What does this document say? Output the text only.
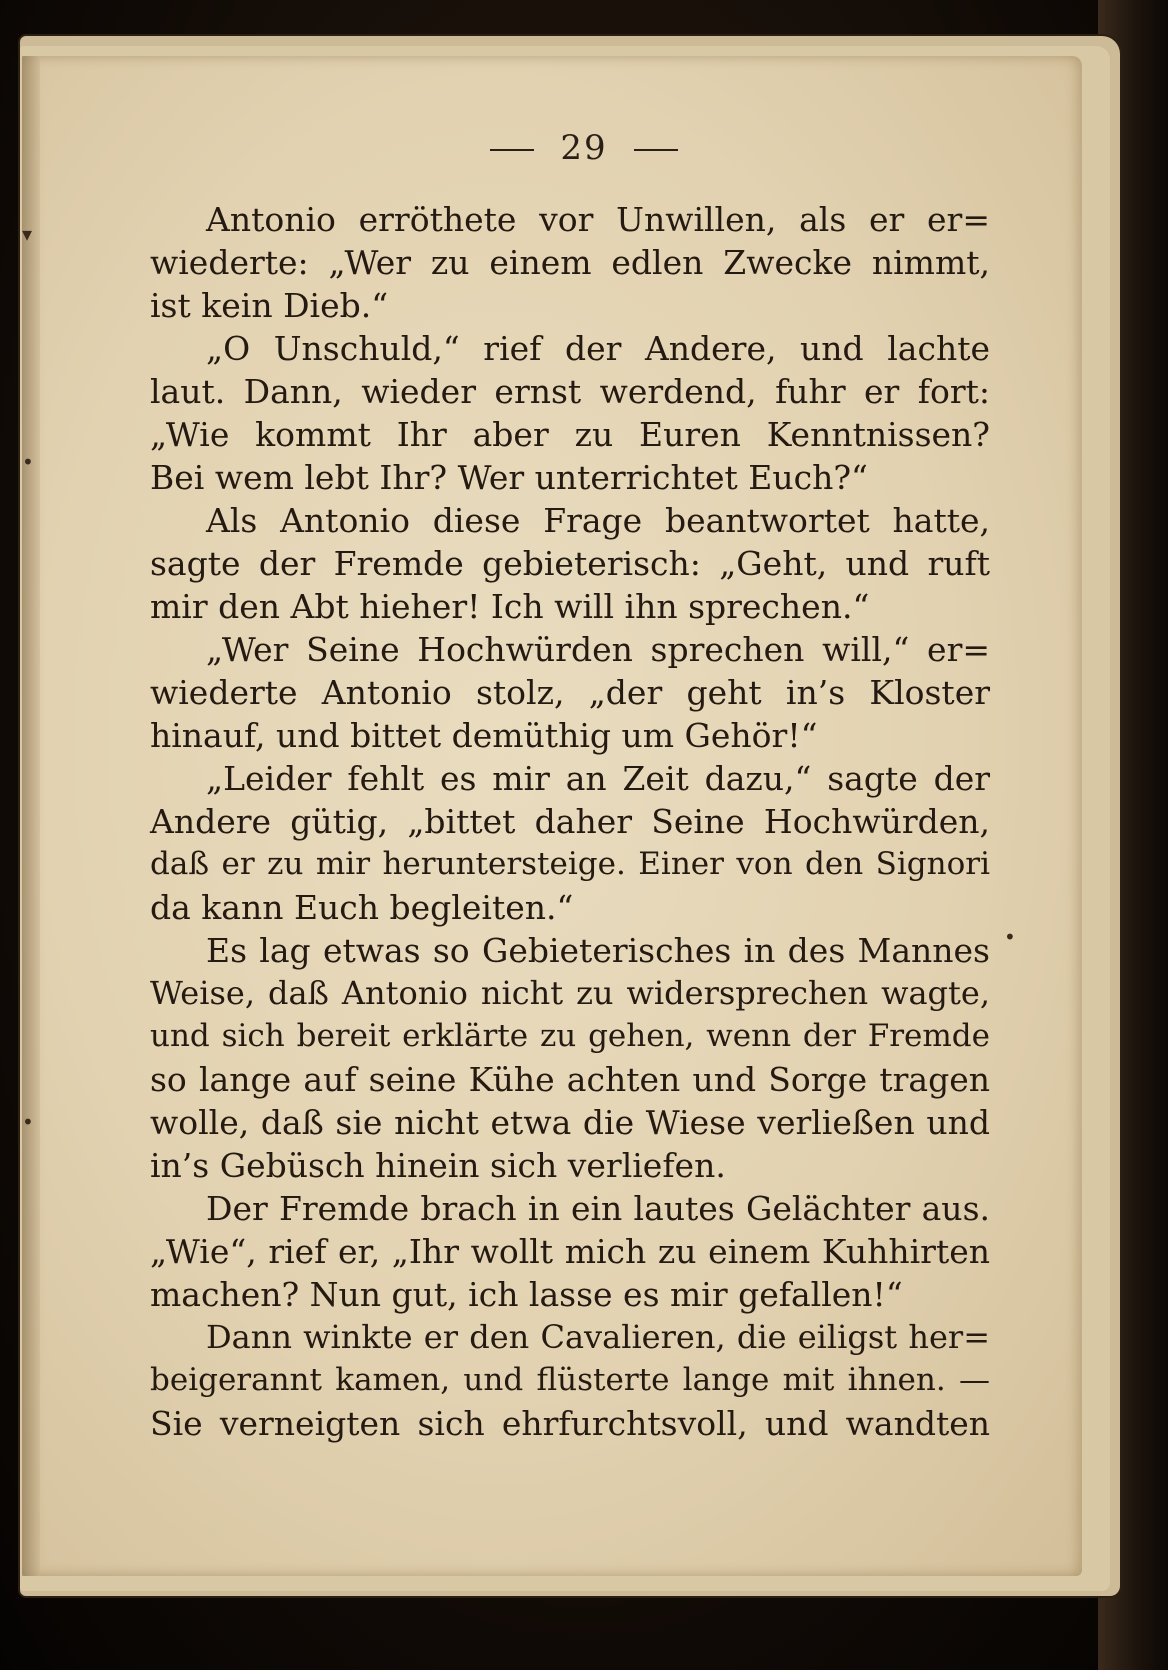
▾
•
•
•
29
Antonio erröthete vor Unwillen, als er er=
wiederte: „Wer zu einem edlen Zwecke nimmt,
ist kein Dieb.“
„O Unschuld,“ rief der Andere, und lachte
laut. Dann, wieder ernst werdend, fuhr er fort:
„Wie kommt Ihr aber zu Euren Kenntnissen?
Bei wem lebt Ihr? Wer unterrichtet Euch?“
Als Antonio diese Frage beantwortet hatte,
sagte der Fremde gebieterisch: „Geht, und ruft
mir den Abt hieher! Ich will ihn sprechen.“
„Wer Seine Hochwürden sprechen will,“ er=
wiederte Antonio stolz, „der geht in’s Kloster
hinauf, und bittet demüthig um Gehör!“
„Leider fehlt es mir an Zeit dazu,“ sagte der
Andere gütig, „bittet daher Seine Hochwürden,
daß er zu mir heruntersteige. Einer von den Signori
da kann Euch begleiten.“
Es lag etwas so Gebieterisches in des Mannes
Weise, daß Antonio nicht zu widersprechen wagte,
und sich bereit erklärte zu gehen, wenn der Fremde
so lange auf seine Kühe achten und Sorge tragen
wolle, daß sie nicht etwa die Wiese verließen und
in’s Gebüsch hinein sich verliefen.
Der Fremde brach in ein lautes Gelächter aus.
„Wie“, rief er, „Ihr wollt mich zu einem Kuhhirten
machen? Nun gut, ich lasse es mir gefallen!“
Dann winkte er den Cavalieren, die eiligst her=
beigerannt kamen, und flüsterte lange mit ihnen. —
Sie verneigten sich ehrfurchtsvoll, und wandten
